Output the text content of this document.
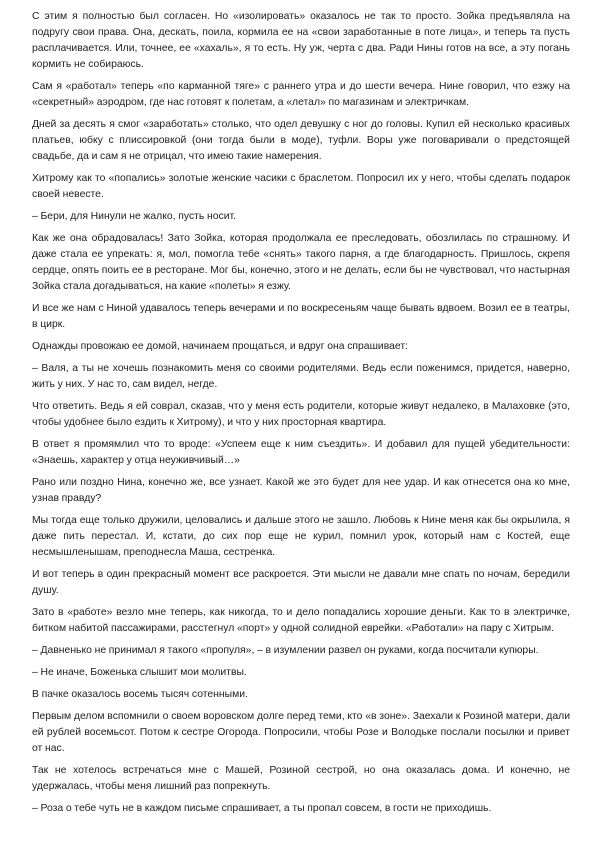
С этим я полностью был согласен. Но «изолировать» оказалось не так то просто. Зойка предъявляла на подругу свои права. Она, дескать, поила, кормила ее на «свои заработанные в поте лица», и теперь та пусть расплачивается. Или, точнее, ее «хахаль», я то есть. Ну уж, черта с два. Ради Нины готов на все, а эту погань кормить не собираюсь.

Сам я «работал» теперь «по карманной тяге» с раннего утра и до шести вечера. Нине говорил, что езжу на «секретный» аэродром, где нас готовят к полетам, а «летал» по магазинам и электричкам.

Дней за десять я смог «заработать» столько, что одел девушку с ног до головы. Купил ей несколько красивых платьев, юбку с плиссировкой (они тогда были в моде), туфли. Воры уже поговаривали о предстоящей свадьбе, да и сам я не отрицал, что имею такие намерения.

Хитрому как то «попались» золотые женские часики с браслетом. Попросил их у него, чтобы сделать подарок своей невесте.

– Бери, для Нинули не жалко, пусть носит.

Как же она обрадовалась! Зато Зойка, которая продолжала ее преследовать, обозлилась по страшному. И даже стала ее упрекать: я, мол, помогла тебе «снять» такого парня, а где благодарность. Пришлось, скрепя сердце, опять поить ее в ресторане. Мог бы, конечно, этого и не делать, если бы не чувствовал, что настырная Зойка стала догадываться, на какие «полеты» я езжу.

И все же нам с Ниной удавалось теперь вечерами и по воскресеньям чаще бывать вдвоем. Возил ее в театры, в цирк.

Однажды провожаю ее домой, начинаем прощаться, и вдруг она спрашивает:

– Валя, а ты не хочешь познакомить меня со своими родителями. Ведь если поженимся, придется, наверно, жить у них. У нас то, сам видел, негде.

Что ответить. Ведь я ей соврал, сказав, что у меня есть родители, которые живут недалеко, в Малаховке (это, чтобы удобнее было ездить к Хитрому), и что у них просторная квартира.

В ответ я промямлил что то вроде: «Успеем еще к ним съездить». И добавил для пущей убедительности: «Знаешь, характер у отца неуживчивый…»

Рано или поздно Нина, конечно же, все узнает. Какой же это будет для нее удар. И как отнесется она ко мне, узнав правду?

Мы тогда еще только дружили, целовались и дальше этого не зашло. Любовь к Нине меня как бы окрылила, я даже пить перестал. И, кстати, до сих пор еще не курил, помнил урок, который нам с Костей, еще несмышленышам, преподнесла Маша, сестренка.

И вот теперь в один прекрасный момент все раскроется. Эти мысли не давали мне спать по ночам, бередили душу.

Зато в «работе» везло мне теперь, как никогда, то и дело попадались хорошие деньги. Как то в электричке, битком набитой пассажирами, расстегнул «порт» у одной солидной еврейки. «Работали» на пару с Хитрым.

– Давненько не принимал я такого «пропуля», – в изумлении развел он руками, когда посчитали купюры.

– Не иначе, Боженька слышит мои молитвы.

В пачке оказалось восемь тысяч сотенными.

Первым делом вспомнили о своем воровском долге перед теми, кто «в зоне». Заехали к Розиной матери, дали ей рублей восемьсот. Потом к сестре Огорода. Попросили, чтобы Розе и Володьке послали посылки и привет от нас.

Так не хотелось встречаться мне с Машей, Розиной сестрой, но она оказалась дома. И конечно, не удержалась, чтобы меня лишний раз попрекнуть.

– Роза о тебе чуть не в каждом письме спрашивает, а ты пропал совсем, в гости не приходишь.
